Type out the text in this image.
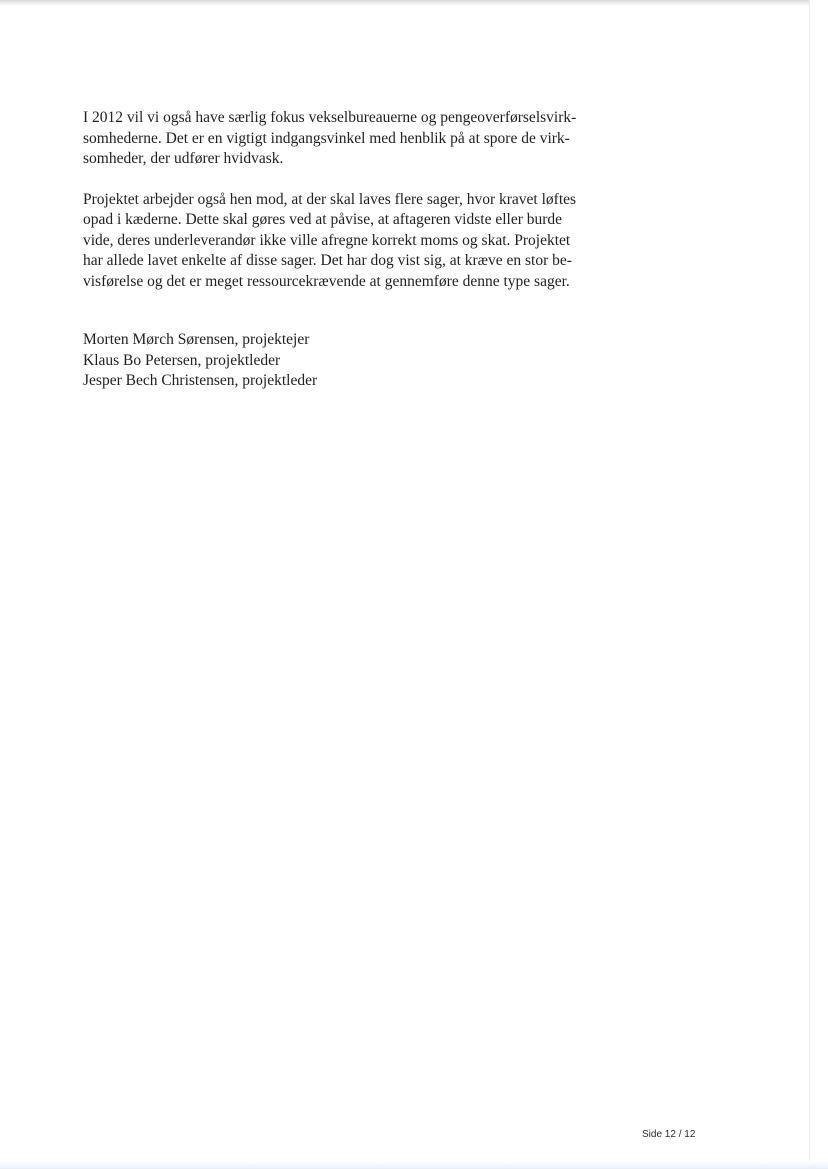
I 2012 vil vi også have særlig fokus vekselbureauerne og pengeoverførselsvirk-
somhederne. Det er en vigtigt indgangsvinkel med henblik på at spore de virk-
somheder, der udfører hvidvask.

Projektet arbejder også hen mod, at der skal laves flere sager, hvor kravet løftes
opad i kæderne. Dette skal gøres ved at påvise, at aftageren vidste eller burde
vide, deres underleverandør ikke ville afregne korrekt moms og skat. Projektet
har allede lavet enkelte af disse sager. Det har dog vist sig, at kræve en stor be-
visførelse og det er meget ressourcekrævende at gennemføre denne type sager.

Morten Mørch Sørensen, projektejer
Klaus Bo Petersen, projektleder
Jesper Bech Christensen, projektleder
Side 12 / 12
